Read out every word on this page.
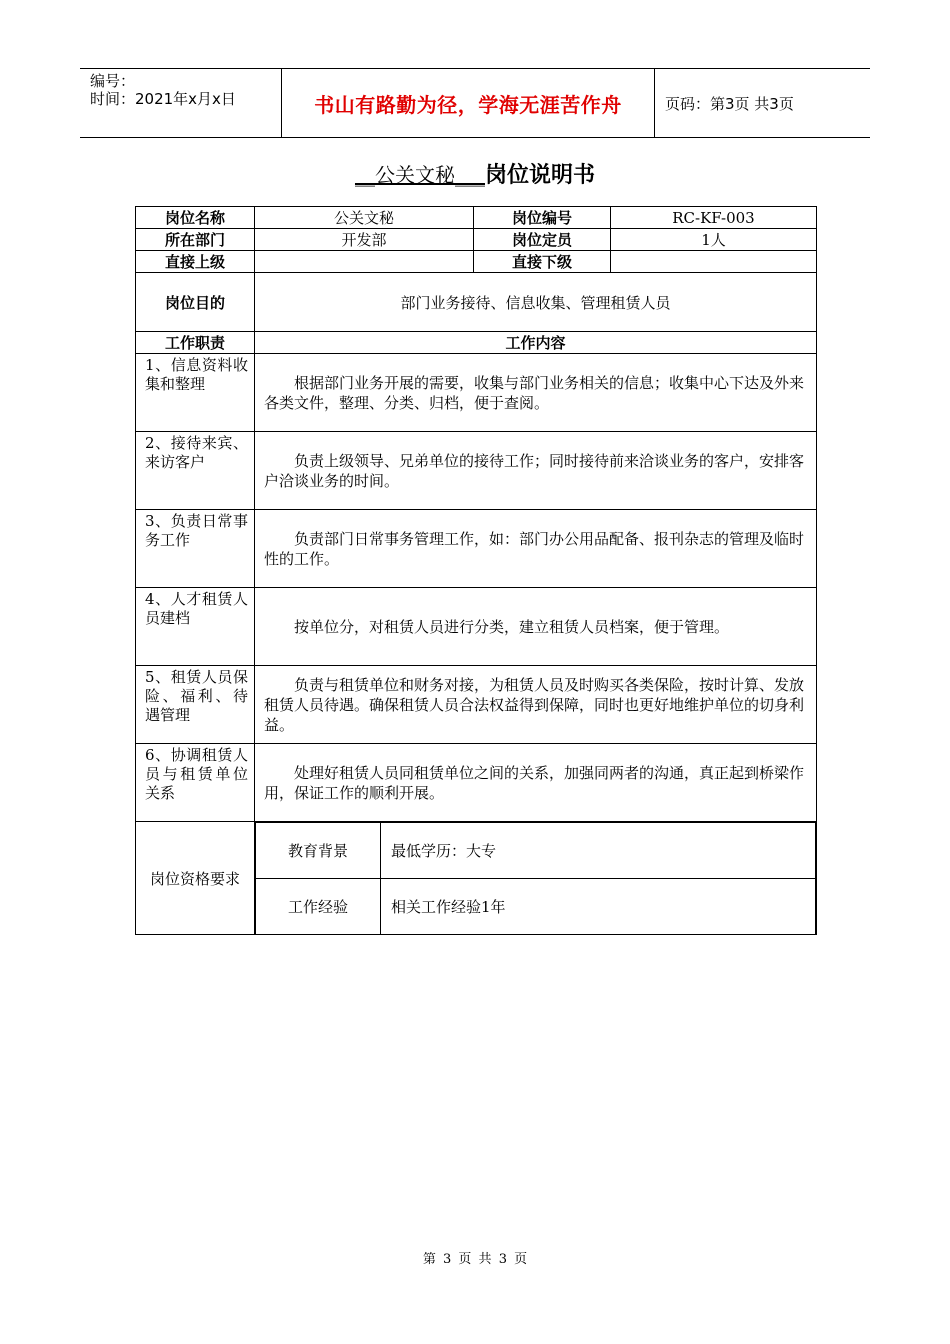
编号：
时间：2021年x月x日	书山有路勤为径，学海无涯苦作舟	页码：第3页 共3页
__公关文秘___岗位说明书
岗位名称	公关文秘	岗位编号	RC-KF-003
所在部门	开发部	岗位定员	1人
直接上级		直接下级	
岗位目的	部门业务接待、信息收集、管理租赁人员
工作职责	工作内容
1、信息资料收集和整理	根据部门业务开展的需要，收集与部门业务相关的信息；收集中心下达及外来各类文件，整理、分类、归档，便于查阅。
2、接待来宾、来访客户	负责上级领导、兄弟单位的接待工作；同时接待前来洽谈业务的客户，安排客户洽谈业务的时间。
3、负责日常事务工作	负责部门日常事务管理工作，如：部门办公用品配备、报刊杂志的管理及临时性的工作。
4、人才租赁人员建档	按单位分，对租赁人员进行分类，建立租赁人员档案，便于管理。
5、租赁人员保险、福利、待遇管理	负责与租赁单位和财务对接，为租赁人员及时购买各类保险，按时计算、发放租赁人员待遇。确保租赁人员合法权益得到保障，同时也更好地维护单位的切身利益。
6、协调租赁人员与租赁单位关系	处理好租赁人员同租赁单位之间的关系，加强同两者的沟通，真正起到桥梁作用，保证工作的顺利开展。
岗位资格要求	
教育背景	最低学历：大专
工作经验	相关工作经验1年
第 3 页 共 3 页
